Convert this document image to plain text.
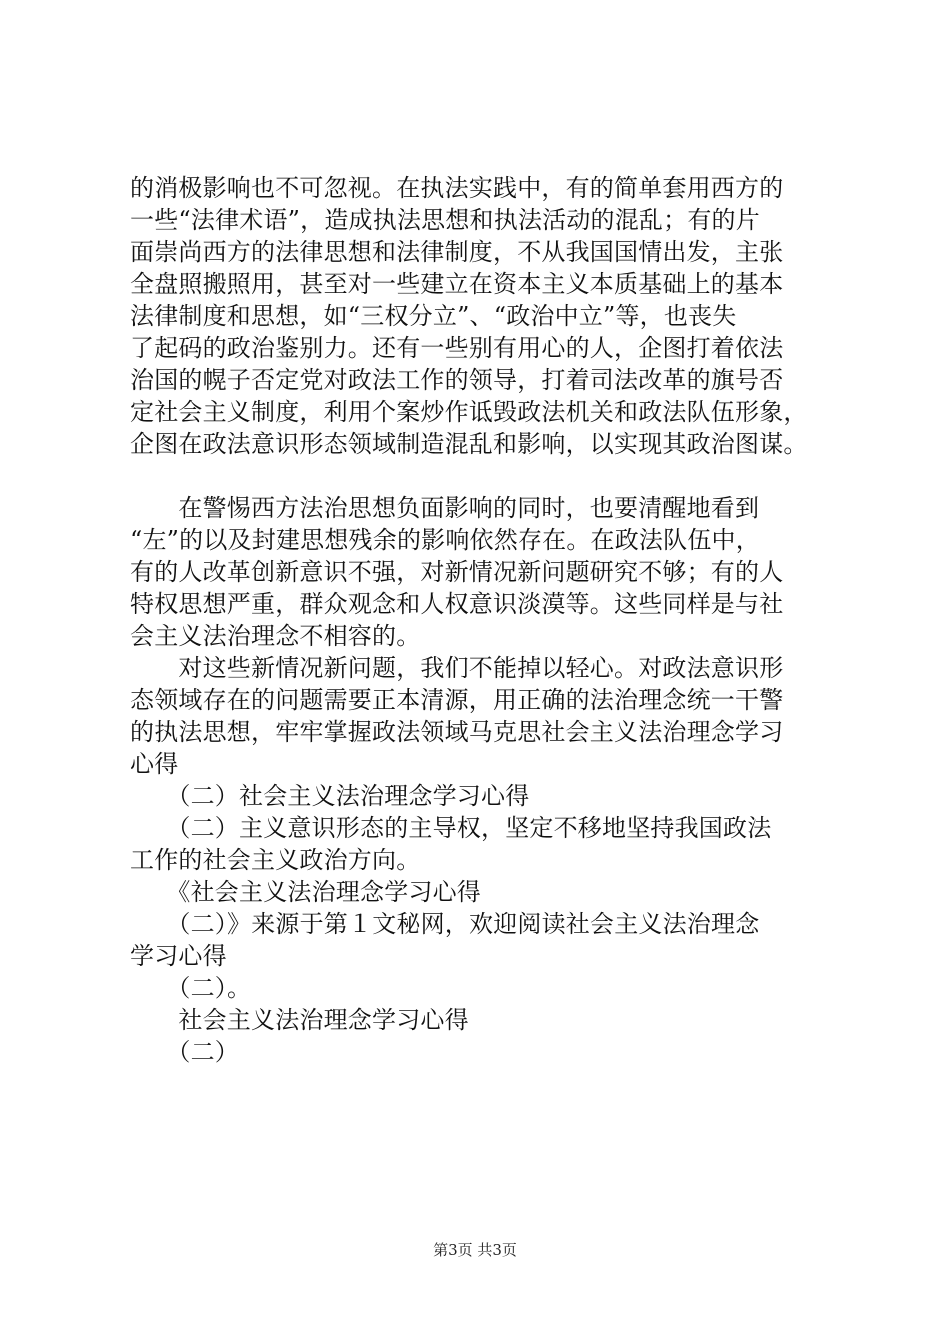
的消极影响也不可忽视。在执法实践中，有的简单套用西方的
一些“法律术语”，造成执法思想和执法活动的混乱；有的片
面崇尚西方的法律思想和法律制度，不从我国国情出发，主张
全盘照搬照用，甚至对一些建立在资本主义本质基础上的基本
法律制度和思想，如“三权分立”、“政治中立”等，也丧失
了起码的政治鉴别力。还有一些别有用心的人，企图打着依法
治国的幌子否定党对政法工作的领导，打着司法改革的旗号否
定社会主义制度，利用个案炒作诋毁政法机关和政法队伍形象，
企图在政法意识形态领域制造混乱和影响，以实现其政治图谋。
　　在警惕西方法治思想负面影响的同时，也要清醒地看到
“左”的以及封建思想残余的影响依然存在。在政法队伍中，
有的人改革创新意识不强，对新情况新问题研究不够；有的人
特权思想严重，群众观念和人权意识淡漠等。这些同样是与社
会主义法治理念不相容的。
　　对这些新情况新问题，我们不能掉以轻心。对政法意识形
态领域存在的问题需要正本清源，用正确的法治理念统一干警
的执法思想，牢牢掌握政法领域马克思社会主义法治理念学习
心得
　　（二）社会主义法治理念学习心得
　　（二）主义意识形态的主导权，坚定不移地坚持我国政法
工作的社会主义政治方向。
　　《社会主义法治理念学习心得
　　（二）》来源于第１文秘网，欢迎阅读社会主义法治理念
学习心得
　　（二）。
　　社会主义法治理念学习心得
　　（二）
第3页 共3页
